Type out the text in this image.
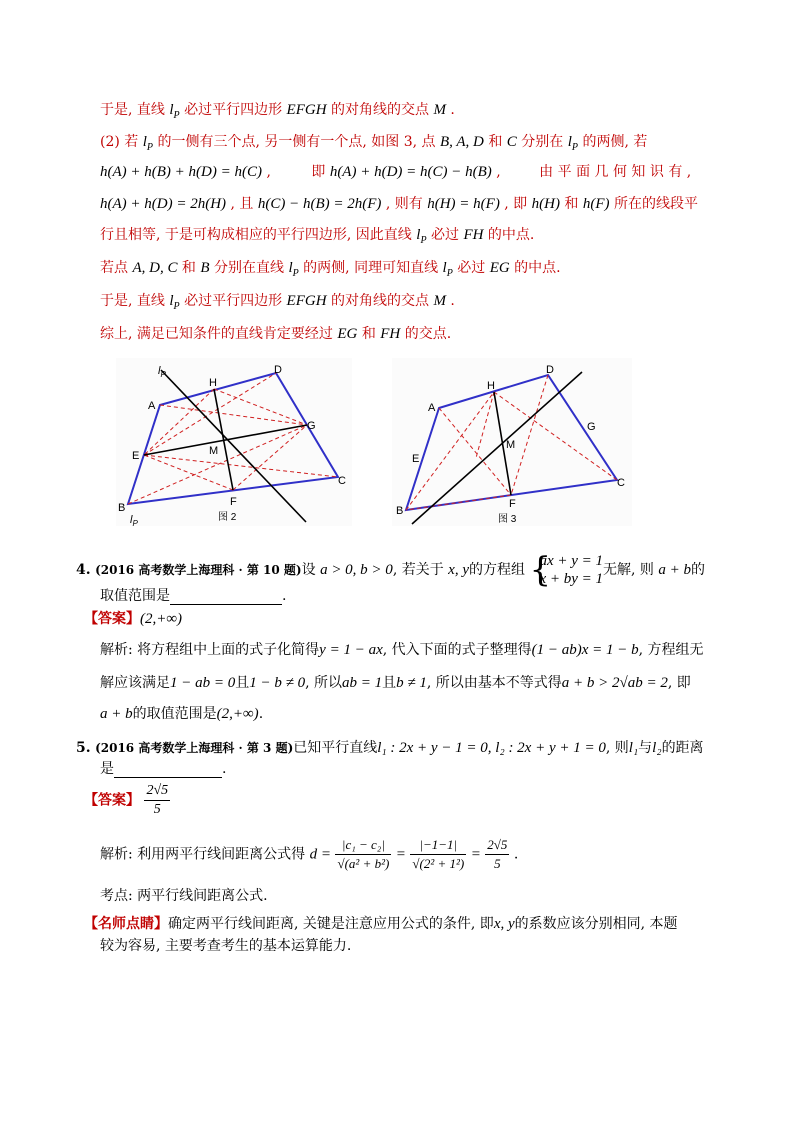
于是, 直线 $l_P$ 必过平行四边形 EFGH 的对角线的交点 M .
(2) 若 $l_P$ 的一侧有三个点, 另一侧有一个点, 如图 3, 点 B, A, D 和 C 分别在 $l_P$ 的两侧, 若
h(A) + h(B) + h(D) = h(C) ,	即 h(A) + h(D) = h(C) − h(B) ,	由 平 面 几 何 知 识 有 ,
h(A) + h(D) = 2h(H) , 且 h(C) − h(B) = 2h(F) , 则有 h(H) = h(F) , 即 h(H) 和 h(F) 所在的线段平
行且相等, 于是可构成相应的平行四边形, 因此直线 $l_P$ 必过 FH 的中点.
若点 A, D, C 和 B 分别在直线 $l_P$ 的两侧, 同理可知直线 $l_P$ 必过 EG 的中点.
于是, 直线 $l_P$ 必过平行四边形 EFGH 的对角线的交点 M .
综上, 满足已知条件的直线肯定要经过 EG 和 FH 的交点.
A
B
C
D
E
F
G
H
M
$l_P$
$l_P$
图 2
A
B
C
D
E
F
G
H
M
图 3
4. (2016 高考数学上海理科 · 第 10 题)设 a > 0, b > 0, 若关于 x, y的方程组 {
ax + y = 1
x + by = 1
无解, 则 a + b的
取值范围是	.
【答案】(2,+∞)
解析: 将方程组中上面的式子化简得y = 1 − ax, 代入下面的式子整理得(1 − ab)x = 1 − b, 方程组无
解应该满足1 − ab = 0且1 − b ≠ 0, 所以ab = 1且b ≠ 1, 所以由基本不等式得a + b > 2√ab = 2, 即
a + b的取值范围是(2,+∞).
5. (2016 高考数学上海理科 · 第 3 题)已知平行直线l₁ : 2x + y − 1 = 0, l₂ : 2x + y + 1 = 0, 则l₁与l₂的距离
是	.
【答案】 $\frac{2√5}{5}$
解析: 利用两平行线间距离公式得 $d = \frac{\text{|c₁ − c₂|}}{\text{√(a² + b²)}} = \frac{|-1-1|}{\text{√(2² + 1²)}} = \frac{2√5}{5}$ .
考点: 两平行线间距离公式.
【名师点睛】确定两平行线间距离, 关键是注意应用公式的条件, 即x, y的系数应该分别相同, 本题
较为容易, 主要考查考生的基本运算能力.
